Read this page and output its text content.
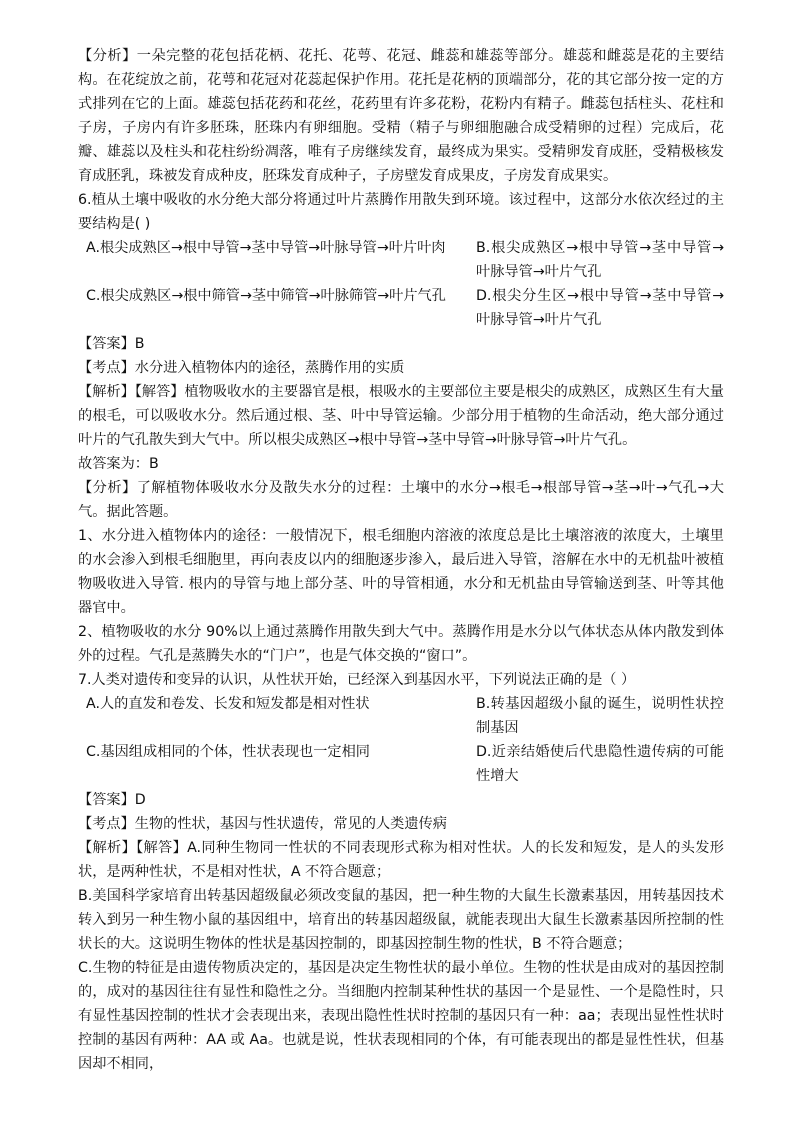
【分析】一朵完整的花包括花柄、花托、花萼、花冠、雌蕊和雄蕊等部分。雄蕊和雌蕊是花的主要结构。在花绽放之前，花萼和花冠对花蕊起保护作用。花托是花柄的顶端部分，花的其它部分按一定的方式排列在它的上面。雄蕊包括花药和花丝，花药里有许多花粉，花粉内有精子。雌蕊包括柱头、花柱和子房，子房内有许多胚珠，胚珠内有卵细胞。受精（精子与卵细胞融合成受精卵的过程）完成后，花瓣、雄蕊以及柱头和花柱纷纷凋落，唯有子房继续发育，最终成为果实。受精卵发育成胚，受精极核发育成胚乳，珠被发育成种皮，胚珠发育成种子，子房壁发育成果皮，子房发育成果实。

6.植从土壤中吸收的水分绝大部分将通过叶片蒸腾作用散失到环境。该过程中，这部分水依次经过的主要结构是( )

A.根尖成熟区→根中导管→茎中导管→叶脉导管→叶片叶肉	B.根尖成熟区→根中导管→茎中导管→叶脉导管→叶片气孔

C.根尖成熟区→根中筛管→茎中筛管→叶脉筛管→叶片气孔	D.根尖分生区→根中导管→茎中导管→叶脉导管→叶片气孔

【答案】B

【考点】水分进入植物体内的途径，蒸腾作用的实质

【解析】【解答】植物吸收水的主要器官是根，根吸水的主要部位主要是根尖的成熟区，成熟区生有大量的根毛，可以吸收水分。然后通过根、茎、叶中导管运输。少部分用于植物的生命活动，绝大部分通过叶片的气孔散失到大气中。所以根尖成熟区→根中导管→茎中导管→叶脉导管→叶片气孔。

故答案为：B

【分析】了解植物体吸收水分及散失水分的过程：土壤中的水分→根毛→根部导管→茎→叶→气孔→大气。据此答题。

1、水分进入植物体内的途径：一般情况下，根毛细胞内溶液的浓度总是比土壤溶液的浓度大，土壤里的水会渗入到根毛细胞里，再向表皮以内的细胞逐步渗入，最后进入导管，溶解在水中的无机盐叶被植物吸收进入导管. 根内的导管与地上部分茎、叶的导管相通，水分和无机盐由导管输送到茎、叶等其他器官中。

2、植物吸收的水分 90%以上通过蒸腾作用散失到大气中。蒸腾作用是水分以气体状态从体内散发到体外的过程。气孔是蒸腾失水的“门户”，也是气体交换的“窗口”。

7.人类对遗传和变异的认识，从性状开始，已经深入到基因水平，下列说法正确的是（ ）

A.人的直发和卷发、长发和短发都是相对性状	B.转基因超级小鼠的诞生，说明性状控制基因

C.基因组成相同的个体，性状表现也一定相同	D.近亲结婚使后代患隐性遗传病的可能性增大

【答案】D

【考点】生物的性状，基因与性状遗传，常见的人类遗传病

【解析】【解答】A.同种生物同一性状的不同表现形式称为相对性状。人的长发和短发，是人的头发形状，是两种性状，不是相对性状，A 不符合题意；

B.美国科学家培育出转基因超级鼠必须改变鼠的基因，把一种生物的大鼠生长激素基因，用转基因技术转入到另一种生物小鼠的基因组中，培育出的转基因超级鼠，就能表现出大鼠生长激素基因所控制的性状长的大。这说明生物体的性状是基因控制的，即基因控制生物的性状，B 不符合题意；

C.生物的特征是由遗传物质决定的，基因是决定生物性状的最小单位。生物的性状是由成对的基因控制的，成对的基因往往有显性和隐性之分。当细胞内控制某种性状的基因一个是显性、一个是隐性时，只有显性基因控制的性状才会表现出来，表现出隐性性状时控制的基因只有一种：aa；表现出显性性状时控制的基因有两种：AA 或 Aa。也就是说，性状表现相同的个体，有可能表现出的都是显性性状，但基因却不相同，
